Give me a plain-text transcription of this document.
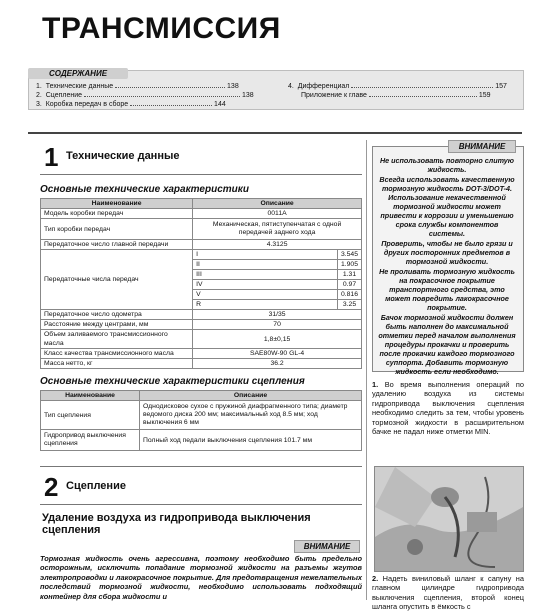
ТРАНСМИССИЯ
СОДЕРЖАНИЕ
1. Технические данные	138
2. Сцепление	138
3. Коробка передач в сборе	144
4. Дифференциал	157
Приложение к главе	159
1 Технические данные
Основные технические характеристики
Наименование	Описание	
Модель коробки передач	0011A	
Тип коробки передач	Механическая, пятиступенчатая с одной передачей заднего хода	
Передаточное число главной передачи	4.3125	
Передаточные числа передач	I	3.545
	II	1.905
	III	1.31
	IV	0.97
	V	0.816
	R	3.25
Передаточное число одометра	31/35	
Расстояние между центрами, мм	70	
Объем заливаемого трансмиссионного масла	1,8±0,15	
Класс качества трансмиссионного масла	SAE80W-90 GL-4	
Масса нетто, кг	36.2	
Основные технические характеристики сцепления
Наименование	Описание
Тип сцепления	Однодисковое сухое с пружиной диафрагменного типа; диаметр ведомого диска 200 мм; максимальный ход 8.5 мм; ход выключения 6 мм
Гидропривод выключения сцепления	Полный ход педали выключения сцепления 101.7 мм
2 Сцепление
Удаление воздуха из гидропривода выключения сцепления
ВНИМАНИЕ
Тормозная жидкость очень агрессивна, поэтому необходимо быть предельно осторожным, исключить попадание тормозной жидкости на разъемы жгутов электропроводки и лакокрасочное покрытие. Для предотвращения нежелательных последствий тормозной жидкости, необходимо использовать подходящий контейнер для сбора жидкости и
ВНИМАНИЕ
Не использовать повторно слитую жидкость.
Всегда использовать качественную тормозную жидкость DOT-3/DOT-4. Использование некачественной тормозной жидкости может привести к коррозии и уменьшению срока службы компонентов системы.
Проверить, чтобы не было грязи и других посторонних предметов в тормозной жидкости.
Не проливать тормозную жидкость на покрасочное покрытие транспортного средства, это может повредить лакокрасочное покрытие.
Бачок тормозной жидкости должен быть наполнен до максимальной отметки перед началом выполнения процедуры прокачки и проверить после прокачки каждого тормозного суппорта. Добавить тормозную жидкость если необходимо.
1. Во время выполнения операций по удалению воздуха из системы гидропривода выключения сцепления необходимо следить за тем, чтобы уровень тормозной жидкости в расширительном бачке не падал ниже отметки MIN.
2. Надеть виниловый шланг к сапуну на главном цилиндре гидропривода выключения сцепления, второй конец шланга опустить в ёмкость с
